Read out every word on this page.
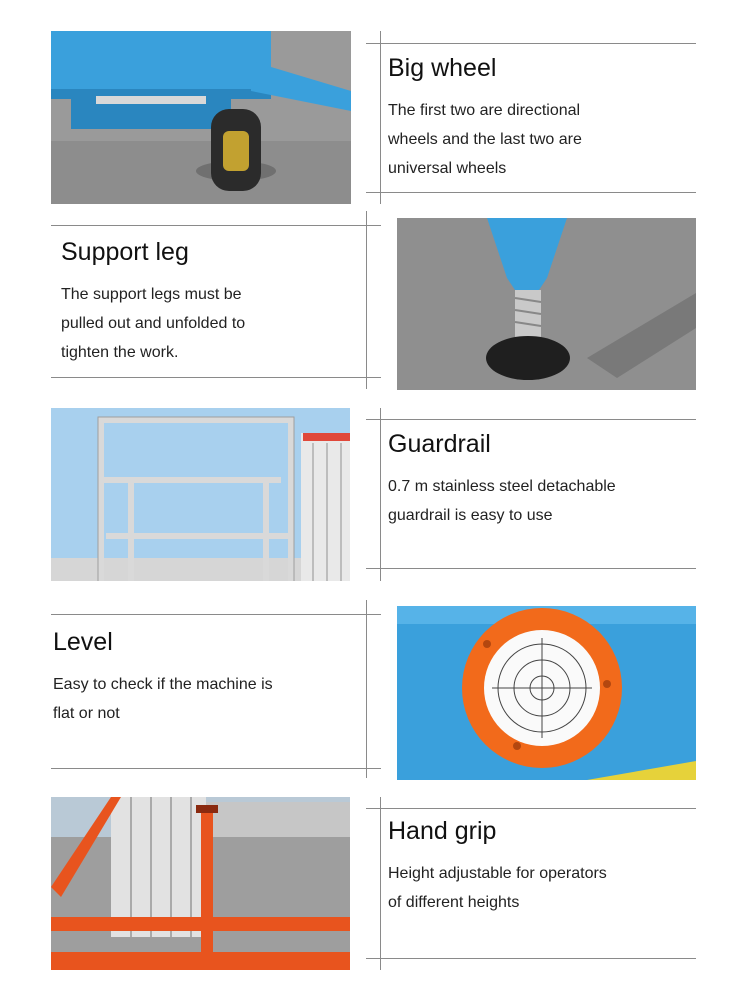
Big wheel
The first two are directional
wheels and the last two are
universal wheels
Support leg
The support legs must be
pulled out and unfolded to
tighten the work.
Guardrail
0.7 m stainless steel detachable
guardrail is easy to use
Level
Easy to check if the machine is
flat or not
Hand grip
Height adjustable for operators
of different heights
